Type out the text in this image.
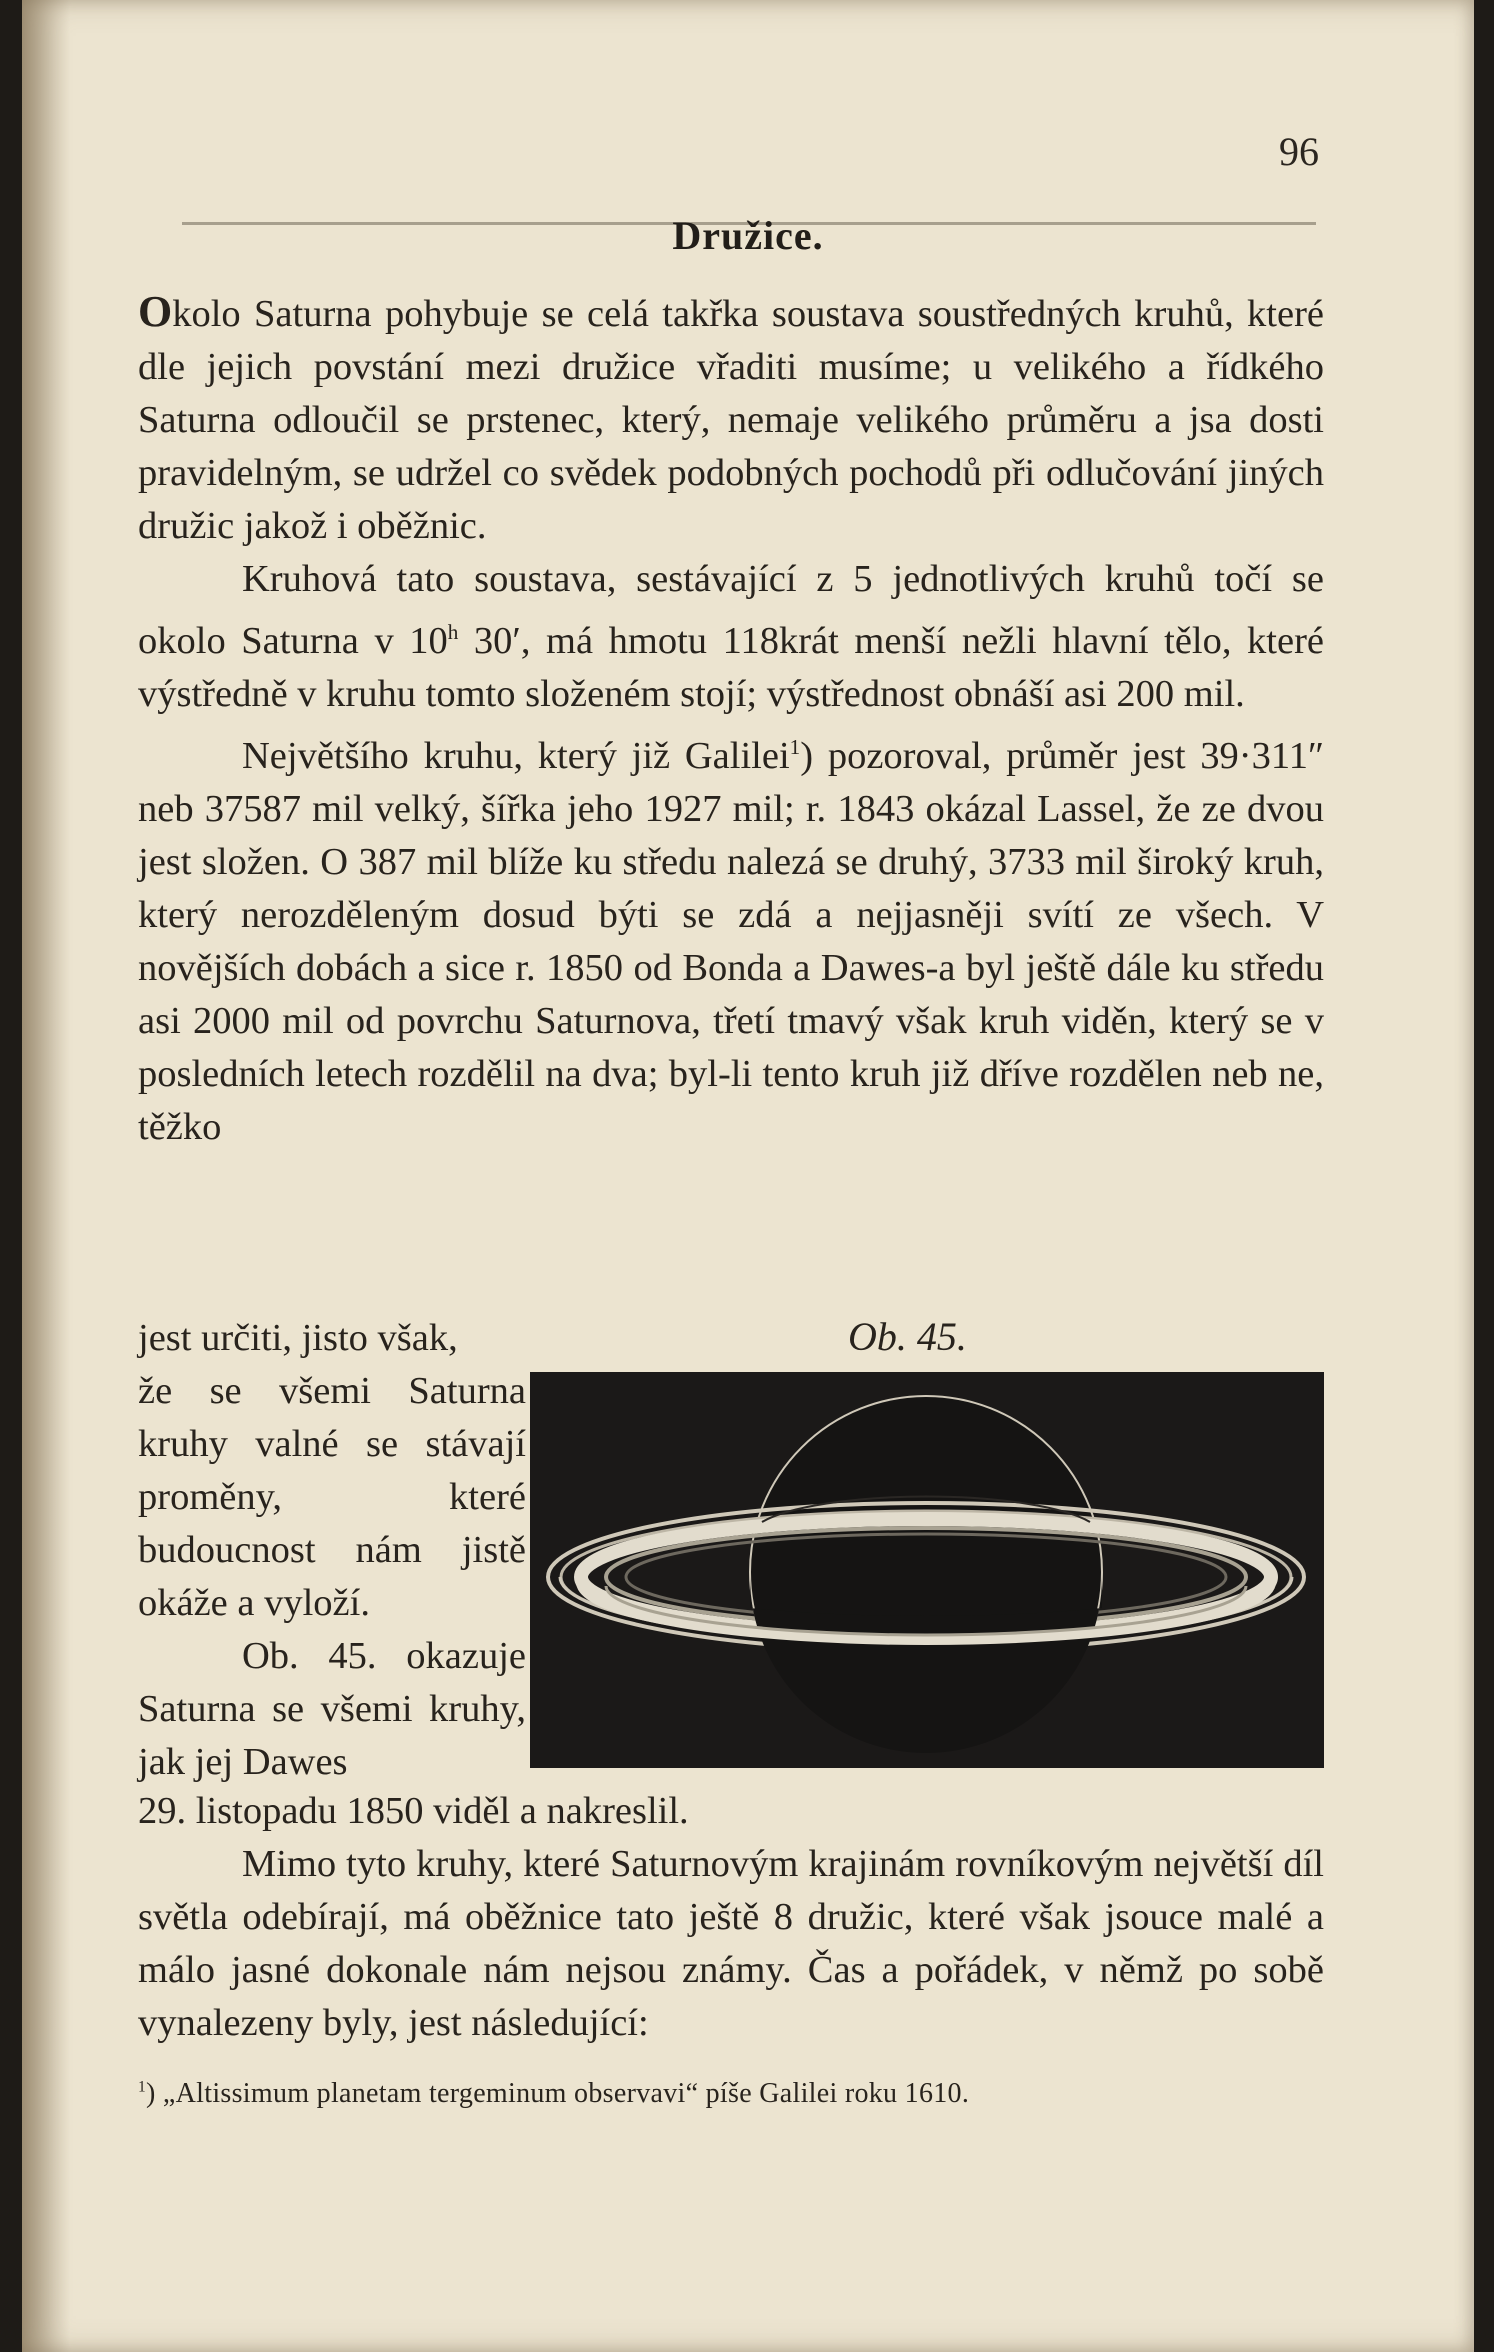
96
Družice.

Okolo Saturna pohybuje se celá takřka soustava soustředných kruhů, které dle jejich povstání mezi družice vřaditi musíme; u velikého a řídkého Saturna odloučil se prstenec, který, nemaje velikého průměru a jsa dosti pravidelným, se udržel co svědek podobných pochodů při odlučování jiných družic jakož i oběžnic.

Kruhová tato soustava, sestávající z 5 jednotlivých kruhů točí se okolo Saturna v 10$^h$ 30′, má hmotu 118krát menší nežli hlavní tělo, které výstředně v kruhu tomto složeném stojí; výstřednost obnáší asi 200 mil.

Největšího kruhu, který již Galilei$^1$) pozoroval, průměr jest 39·311″ neb 37587 mil velký, šířka jeho 1927 mil; r. 1843 okázal Lassel, že ze dvou jest složen. O 387 mil blíže ku středu nalezá se druhý, 3733 mil široký kruh, který nerozděleným dosud býti se zdá a nejjasněji svítí ze všech. V novějších dobách a sice r. 1850 od Bonda a Dawes-a byl ještě dále ku středu asi 2000 mil od povrchu Saturnova, třetí tmavý však kruh viděn, který se v posledních letech rozdělil na dva; byl-li tento kruh již dříve rozdělen neb ne, těžko

jest určiti, jisto však,

že se všemi Saturna kruhy valné se stávají proměny, které budoucnost nám jistě okáže a vyloží.

Ob. 45. okazuje Saturna se všemi kruhy, jak jej Dawes

Ob. 45.

29. listopadu 1850 viděl a nakreslil.

Mimo tyto kruhy, které Saturnovým krajinám rovníkovým největší díl světla odebírají, má oběžnice tato ještě 8 družic, které však jsouce malé a málo jasné dokonale nám nejsou známy. Čas a pořádek, v němž po sobě vynalezeny byly, jest následující:

$^1$) „Altissimum planetam tergeminum observavi“ píše Galilei roku 1610.
